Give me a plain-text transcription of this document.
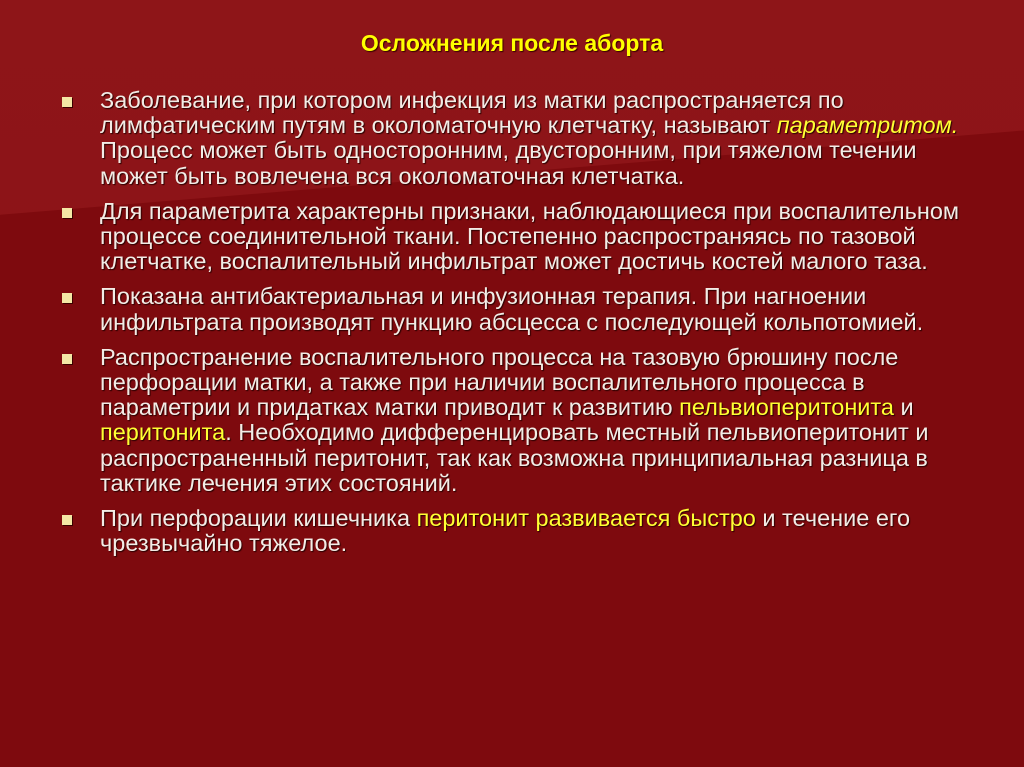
Осложнения после аборта
Заболевание, при котором инфекция из матки распространяется по лимфатическим путям в околоматочную клетчатку, называют параметритом. Процесс может быть односторонним, двусторонним, при тяжелом течении может быть вовлечена вся околоматочная клетчатка.
Для параметрита характерны признаки, наблюдающиеся при воспалительном процессе соединительной ткани. Постепенно распространяясь по тазовой клетчатке, воспалительный инфильтрат может достичь костей малого таза.
Показана антибактериальная и инфузионная терапия. При нагноении инфильтрата производят пункцию абсцесса с последующей кольпотомией.
Распространение воспалительного процесса на тазовую брюшину после перфорации матки, а также при наличии воспалительного процесса в параметрии и придатках матки приводит к развитию пельвиоперитонита и перитонита. Необходимо дифференцировать местный пельвиоперитонит и распространенный перитонит, так как возможна принципиальная разница в тактике лечения этих состояний.
При перфорации кишечника перитонит развивается быстро и течение его чрезвычайно тяжелое.
